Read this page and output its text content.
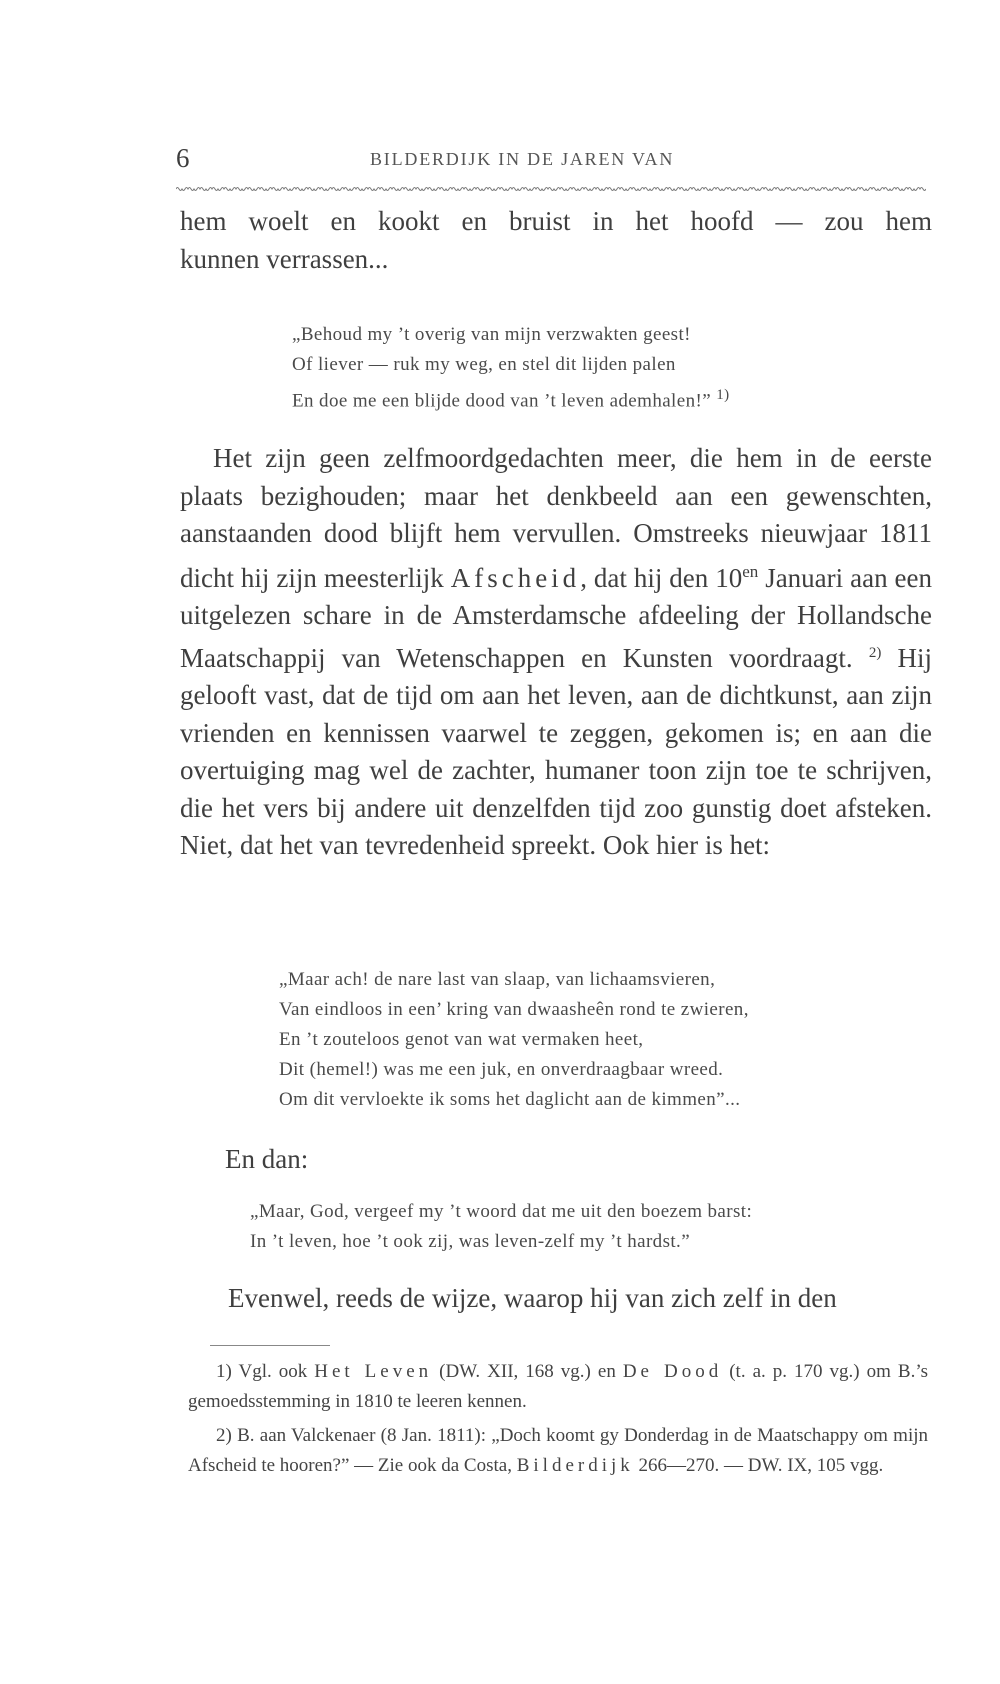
6	BILDERDIJK IN DE JAREN VAN
hem woelt en kookt en bruist in het hoofd — zou hem
kunnen verrassen...
„Behoud my ’t overig van mijn verzwakten geest!
Of liever — ruk my weg, en stel dit lijden palen
En doe me een blijde dood van ’t leven ademhalen!” $^{1)}$
Het zijn geen zelfmoordgedachten meer, die hem in de eerste plaats bezighouden; maar het denkbeeld aan een gewenschten, aanstaanden dood blijft hem vervullen. Omstreeks nieuwjaar 1811 dicht hij zijn meesterlijk Afscheid, dat hij den $10^{en}$ Januari aan een uitgelezen schare in de Amsterdamsche afdeeling der Hollandsche Maatschappij van Wetenschappen en Kunsten voordraagt. $^{2)}$ Hij gelooft vast, dat de tijd om aan het leven, aan de dichtkunst, aan zijn vrienden en kennissen vaarwel te zeggen, gekomen is; en aan die overtuiging mag wel de zachter, humaner toon zijn toe te schrijven, die het vers bij andere uit denzelfden tijd zoo gunstig doet afsteken. Niet, dat het van tevredenheid spreekt. Ook hier is het:
„Maar ach! de nare last van slaap, van lichaamsvieren,
Van eindloos in een’ kring van dwaasheên rond te zwieren,
En ’t zouteloos genot van wat vermaken heet,
Dit (hemel!) was me een juk, en onverdraagbaar wreed.
Om dit vervloekte ik soms het daglicht aan de kimmen”...
En dan:
„Maar, God, vergeef my ’t woord dat me uit den boezem barst:
In ’t leven, hoe ’t ook zij, was leven-zelf my ’t hardst.”
Evenwel, reeds de wijze, waarop hij van zich zelf in den
1) Vgl. ook Het Leven (DW. XII, 168 vg.) en De Dood (t. a. p. 170 vg.) om B.’s gemoedsstemming in 1810 te leeren kennen.
2) B. aan Valckenaer (8 Jan. 1811): „Doch koomt gy Donderdag in de Maatschappy om mijn Afscheid te hooren?” — Zie ook da Costa, Bilderdijk 266—270. — DW. IX, 105 vgg.
